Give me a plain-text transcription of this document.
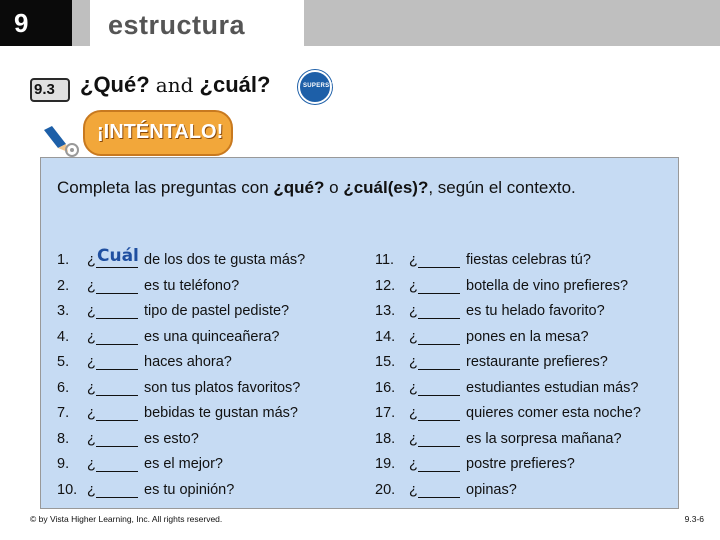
9	estructura
9.3 ¿Qué? and ¿cuál?	SUPERSITE
¡INTÉNTALO!
Completa las preguntas con ¿qué? o ¿cuál(es)?, según el contexto.
1.	¿ Cuál de los dos te gusta más?
2.	¿	es tu teléfono?
3.	¿	tipo de pastel pediste?
4.	¿	es una quinceañera?
5.	¿	haces ahora?
6.	¿	son tus platos favoritos?
7.	¿	bebidas te gustan más?
8.	¿	es esto?
9.	¿	es el mejor?
10. ¿	es tu opinión?
11.	¿	fiestas celebras tú?
12. ¿	botella de vino prefieres?
13. ¿	es tu helado favorito?
14. ¿	pones en la mesa?
15. ¿	restaurante prefieres?
16. ¿	estudiantes estudian más?
17. ¿	quieres comer esta noche?
18. ¿	es la sorpresa mañana?
19. ¿	postre prefieres?
20. ¿	opinas?
© by Vista Higher Learning, Inc. All rights reserved.	9.3-6
